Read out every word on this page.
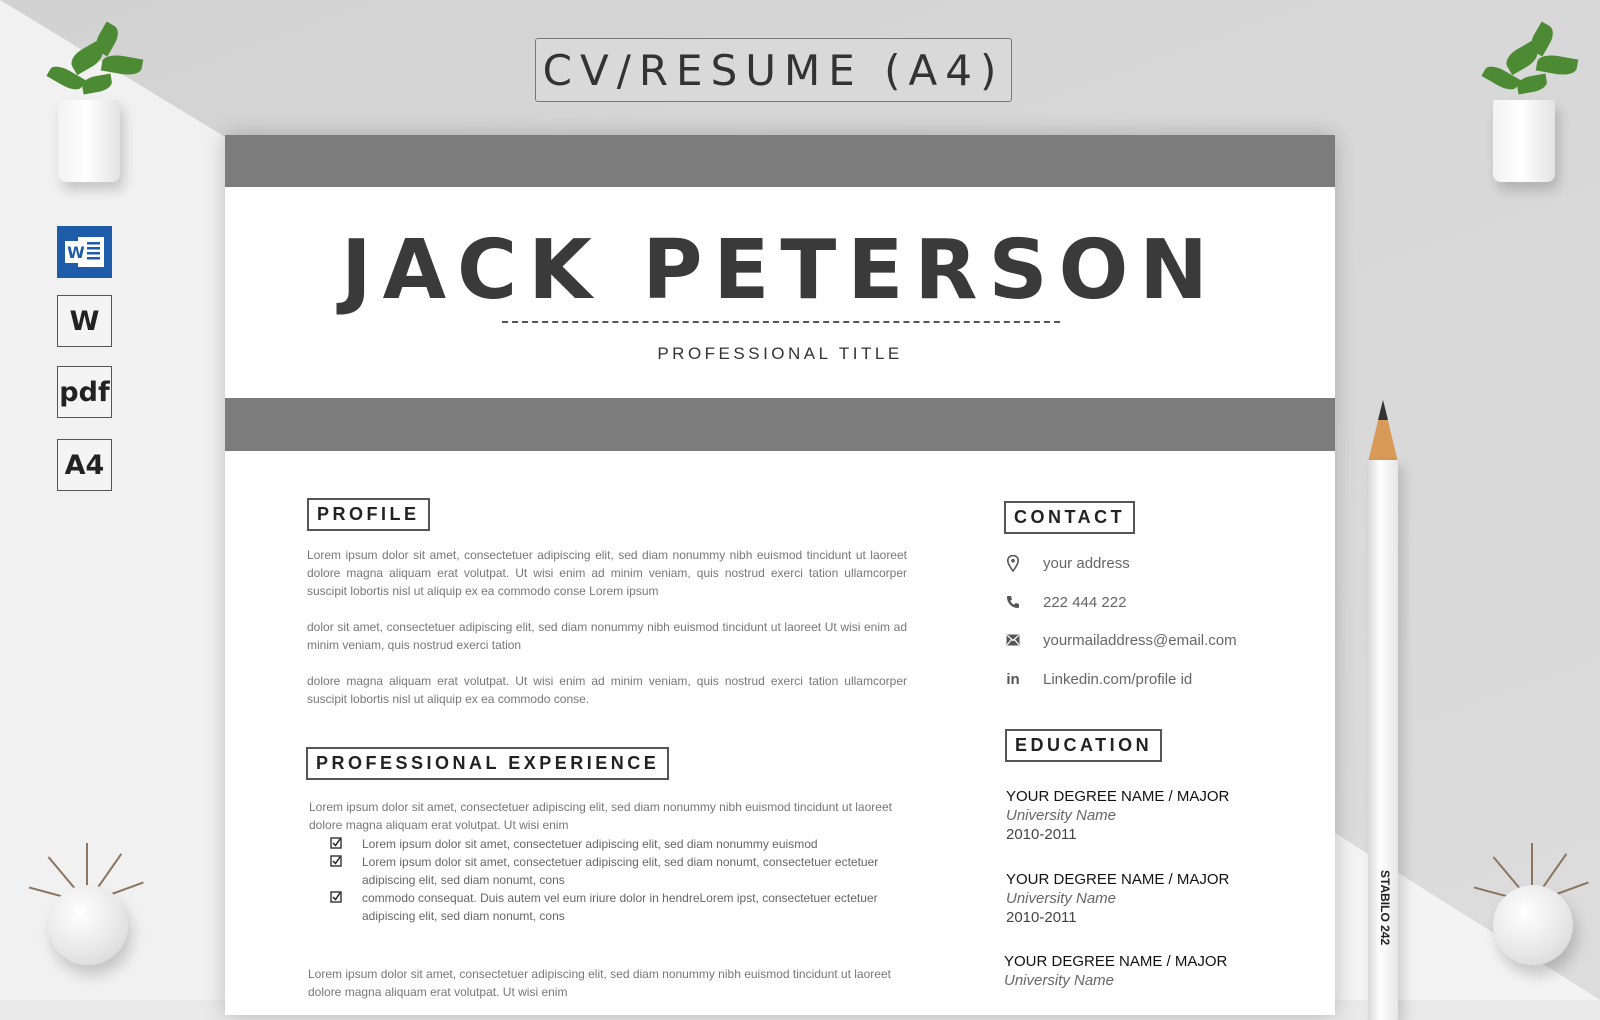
CV/RESUME (A4)
W
W
pdf
A4
STABILO 242
JACK PETERSON
PROFESSIONAL TITLE
PROFILE
Lorem ipsum dolor sit amet, consectetuer adipiscing elit, sed diam nonummy nibh euismod tincidunt ut laoreet dolore magna aliquam erat volutpat. Ut wisi enim ad minim veniam, quis nostrud exerci tation ullamcorper suscipit lobortis nisl ut aliquip ex ea commodo conse Lorem ipsum
dolor sit amet, consectetuer adipiscing elit, sed diam nonummy nibh euismod tincidunt ut laoreet Ut wisi enim ad minim veniam, quis nostrud exerci tation
dolore magna aliquam erat volutpat. Ut wisi enim ad minim veniam, quis nostrud exerci tation ullamcorper suscipit lobortis nisl ut aliquip ex ea commodo conse.
PROFESSIONAL EXPERIENCE
Lorem ipsum dolor sit amet, consectetuer adipiscing elit, sed diam nonummy nibh euismod tincidunt ut laoreet dolore magna aliquam erat volutpat. Ut wisi enim
Lorem ipsum dolor sit amet, consectetuer adipiscing elit, sed diam nonummy euismod
Lorem ipsum dolor sit amet, consectetuer adipiscing elit, sed diam nonumt, consectetuer ectetuer adipiscing elit, sed diam nonumt, cons
commodo consequat. Duis autem vel eum iriure dolor in hendreLorem ipst, consectetuer ectetuer adipiscing elit, sed diam nonumt, cons
Lorem ipsum dolor sit amet, consectetuer adipiscing elit, sed diam nonummy nibh euismod tincidunt ut laoreet dolore magna aliquam erat volutpat. Ut wisi enim
CONTACT
your address
222 444 222
yourmailaddress@email.com
in Linkedin.com/profile id
EDUCATION
YOUR DEGREE NAME / MAJOR
University Name
2010-2011
YOUR DEGREE NAME / MAJOR
University Name
2010-2011
YOUR DEGREE NAME / MAJOR
University Name
